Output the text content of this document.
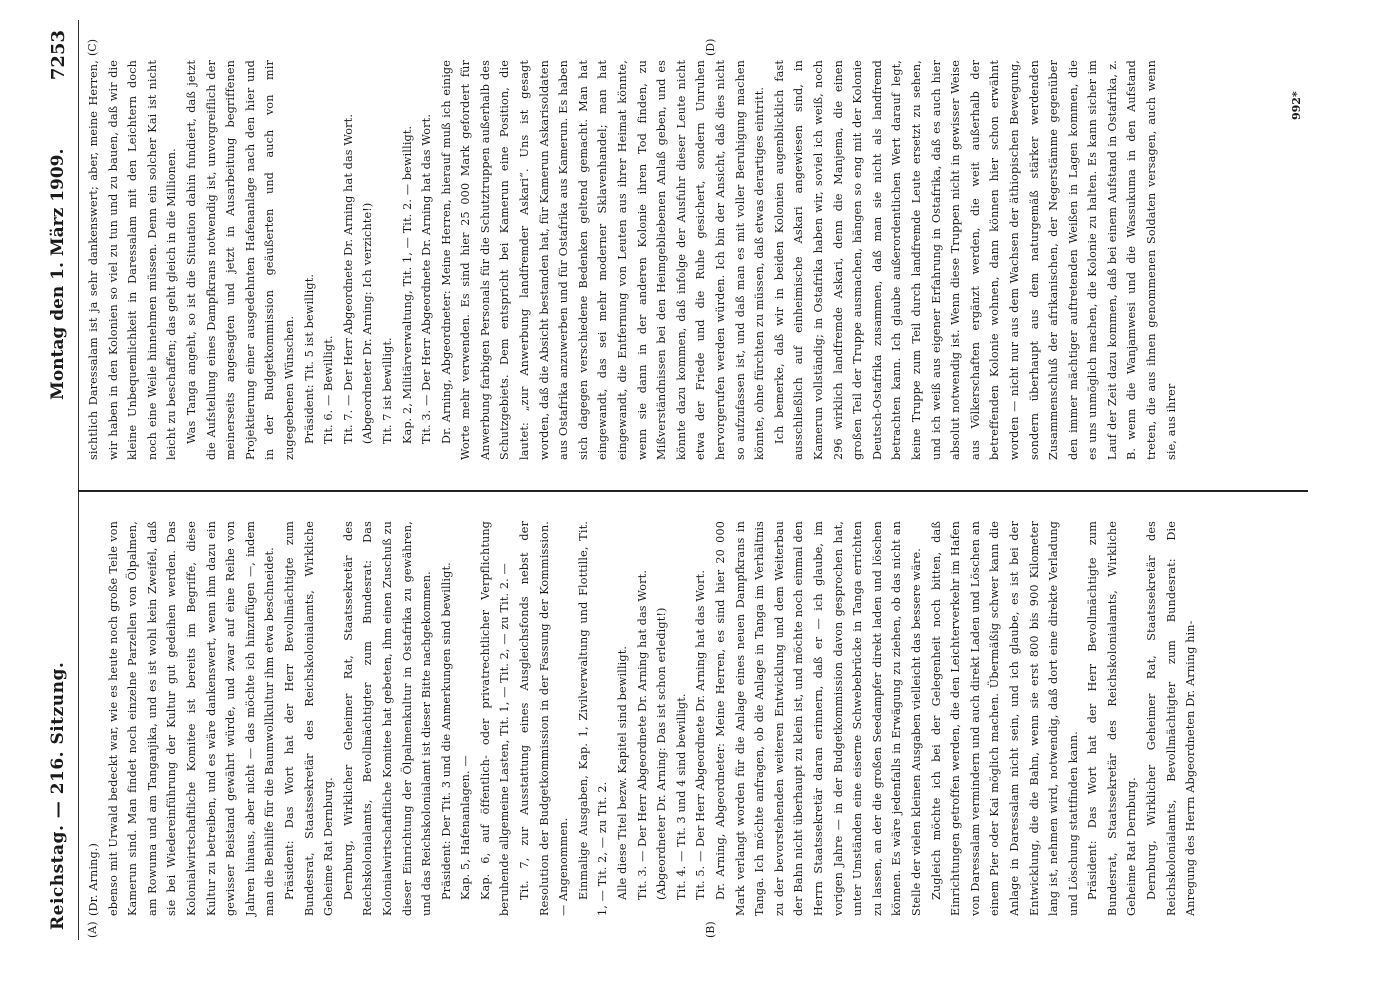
Reichstag. — 216. Sitzung.
Montag den 1. März 1909.
7253
(A)	(B)
(C)	(D)

(Dr. Arning.) ebenso mit Urwald bedeckt war, wie es heute noch große Teile von Kamerun sind. Man findet noch einzelne Parzellen von Ölpalmen, am Rowuma und am Tanganjika, und es ist wohl kein Zweifel, daß sie bei Wiedereinführung der Kultur gut gedeihen werden. Das Kolonialwirtschaftliche Komitee ist bereits im Begriffe, diese Kultur zu betreiben, und es wäre dankenswert, wenn ihm dazu ein gewisser Beistand gewährt würde, und zwar auf eine Reihe von Jahren hinaus, aber nicht — das möchte ich hinzufügen —, indem man die Beihilfe für die Baumwollkultur ihm etwa beschneidet. Präsident: Das Wort hat der Herr Bevollmächtigte zum Bundesrat, Staatssekretär des Reichskolonialamts, Wirkliche Geheime Rat Dernburg. Dernburg, Wirklicher Geheimer Rat, Staatssekretär des Reichskolonialamts, Bevollmächtigter zum Bundesrat: Das Kolonialwirtschaftliche Komitee hat gebeten, ihm einen Zuschuß zu dieser Einrichtung der Ölpalmenkultur in Ostafrika zu gewähren, und das Reichskolonialamt ist dieser Bitte nachgekommen. Präsident: Der Tit. 3 und die Anmerkungen sind bewilligt. Kap. 5, Hafenanlagen. — Kap. 6, auf öffentlich- oder privatrechtlicher Verpflichtung beruhende allgemeine Lasten, Tit. 1, — Tit. 2, — zu Tit. 2. — Tit. 7, zur Ausstattung eines Ausgleichsfonds nebst der Resolution der Budgetkommission in der Fassung der Kommission. — Angenommen. Einmalige Ausgaben, Kap. 1, Zivilverwaltung und Flottille, Tit. 1, — Tit. 2, — zu Tit. 2. Alle diese Titel bezw. Kapitel sind bewilligt. Tit. 3. — Der Herr Abgeordnete Dr. Arning hat das Wort. (Abgeordneter Dr. Arning: Das ist schon erledigt!) Tit. 4. — Tit. 3 und 4 sind bewilligt. Tit. 5. — Der Herr Abgeordnete Dr. Arning hat das Wort. Dr. Arning, Abgeordneter: Meine Herren, es sind hier 20 000 Mark verlangt worden für die Anlage eines neuen Dampfkrans in Tanga. Ich möchte anfragen, ob die Anlage in Tanga im Verhältnis zu der bevorstehenden weiteren Entwicklung und dem Weiterbau der Bahn nicht überhaupt zu klein ist, und möchte noch einmal den Herrn Staatssekretär daran erinnern, daß er — ich glaube, im vorigen Jahre — in der Budgetkommission davon gesprochen hat, unter Umständen eine eiserne Schwebebrücke in Tanga errichten zu lassen, an der die großen Seedampfer direkt laden und löschen können. Es wäre jedenfalls in Erwägung zu ziehen, ob das nicht an Stelle der vielen kleinen Ausgaben vielleicht das bessere wäre. Zugleich möchte ich bei der Gelegenheit noch bitten, daß Einrichtungen getroffen werden, die den Leichterverkehr im Hafen von Daressalam vermindern und auch direkt Laden und Löschen an einem Pier oder Kai möglich machen. Übermäßig schwer kann die Anlage in Daressalam nicht sein, und ich glaube, es ist bei der Entwicklung, die die Bahn, wenn sie erst 800 bis 900 Kilometer lang ist, nehmen wird, notwendig, daß dort eine direkte Verladung und Löschung stattfinden kann. Präsident: Das Wort hat der Herr Bevollmächtigte zum Bundesrat, Staatssekretär des Reichskolonialamts, Wirkliche Geheime Rat Dernburg. Dernburg, Wirklicher Geheimer Rat, Staatssekretär des Reichskolonialamts, Bevollmächtigter zum Bundesrat: Die Anregung des Herrn Abgeordneten Dr. Arning hin-

sichtlich Daressalam ist ja sehr dankenswert; aber, meine Herren, wir haben in den Kolonien so viel zu tun und zu bauen, daß wir die kleine Unbequemlichkeit in Daressalam mit den Leichtern doch noch eine Weile hinnehmen müssen. Denn ein solcher Kai ist nicht leicht zu beschaffen; das geht gleich in die Millionen. Was Tanga angeht, so ist die Situation dahin fundiert, daß jetzt die Aufstellung eines Dampfkrans notwendig ist, unvorgreiflich der meinerseits angesagten und jetzt in Ausarbeitung begriffenen Projektierung einer ausgedehnten Hafenanlage nach den hier und in der Budgetkommission geäußerten und auch von mir zugegebenen Wünschen. Präsident: Tit. 5 ist bewilligt. Tit. 6. — Bewilligt. Tit. 7. — Der Herr Abgeordnete Dr. Arning hat das Wort. (Abgeordneter Dr. Arning: Ich verzichte!) Tit. 7 ist bewilligt. Kap. 2, Militärverwaltung, Tit. 1, — Tit. 2. — bewilligt. Tit. 3. — Der Herr Abgeordnete Dr. Arning hat das Wort. Dr. Arning, Abgeordneter: Meine Herren, hierauf muß ich einige Worte mehr verwenden. Es sind hier 25 000 Mark gefordert für Anwerbung farbigen Personals für die Schutztruppen außerhalb des Schutzgebiets. Dem entspricht bei Kamerun eine Position, die lautet: „zur Anwerbung landfremder Askari“. Uns ist gesagt worden, daß die Absicht bestanden hat, für Kamerun Askarisoldaten aus Ostafrika anzuwerben und für Ostafrika aus Kamerun. Es haben sich dagegen verschiedene Bedenken geltend gemacht. Man hat eingewandt, das sei mehr moderner Sklavenhandel; man hat eingewandt, die Entfernung von Leuten aus ihrer Heimat könnte, wenn sie dann in der anderen Kolonie ihren Tod finden, zu Mißverständnissen bei den Heimgebliebenen Anlaß geben, und es könnte dazu kommen, daß infolge der Ausfuhr dieser Leute nicht etwa der Friede und die Ruhe gesichert, sondern Unruhen hervorgerufen werden würden. Ich bin der Ansicht, daß dies nicht so aufzufassen ist, und daß man es mit voller Beruhigung machen könnte, ohne fürchten zu müssen, daß etwas derartiges eintritt. Ich bemerke, daß wir in beiden Kolonien augenblicklich fast ausschließlich auf einheimische Askari angewiesen sind, in Kamerun vollständig; in Ostafrika haben wir, soviel ich weiß, noch 296 wirklich landfremde Askari, denn die Manjema, die einen großen Teil der Truppe ausmachen, hängen so eng mit der Kolonie Deutsch-Ostafrika zusammen, daß man sie nicht als landfremd betrachten kann. Ich glaube außerordentlichen Wert darauf legt, keine Truppe zum Teil durch landfremde Leute ersetzt zu sehen, und ich weiß aus eigener Erfahrung in Ostafrika, daß es auch hier absolut notwendig ist. Wenn diese Truppen nicht in gewisser Weise aus Völkerschaften ergänzt werden, die weit außerhalb der betreffenden Kolonie wohnen, dann können hier schon erwähnt worden — nicht nur aus dem Wachsen der äthiopischen Bewegung, sondern überhaupt aus dem naturgemäß stärker werdenden Zusammenschluß der afrikanischen, der Negerstämme gegenüber den immer mächtiger auftretenden Weißen in Lagen kommen, die es uns unmöglich machen, die Kolonie zu halten. Es kann sicher im Lauf der Zeit dazu kommen, daß bei einem Aufstand in Ostafrika, z. B. wenn die Wanjamwesi und die Wassukuma in den Aufstand treten, die aus ihnen genommenen Soldaten versagen, auch wenn sie, aus ihrer

992*
